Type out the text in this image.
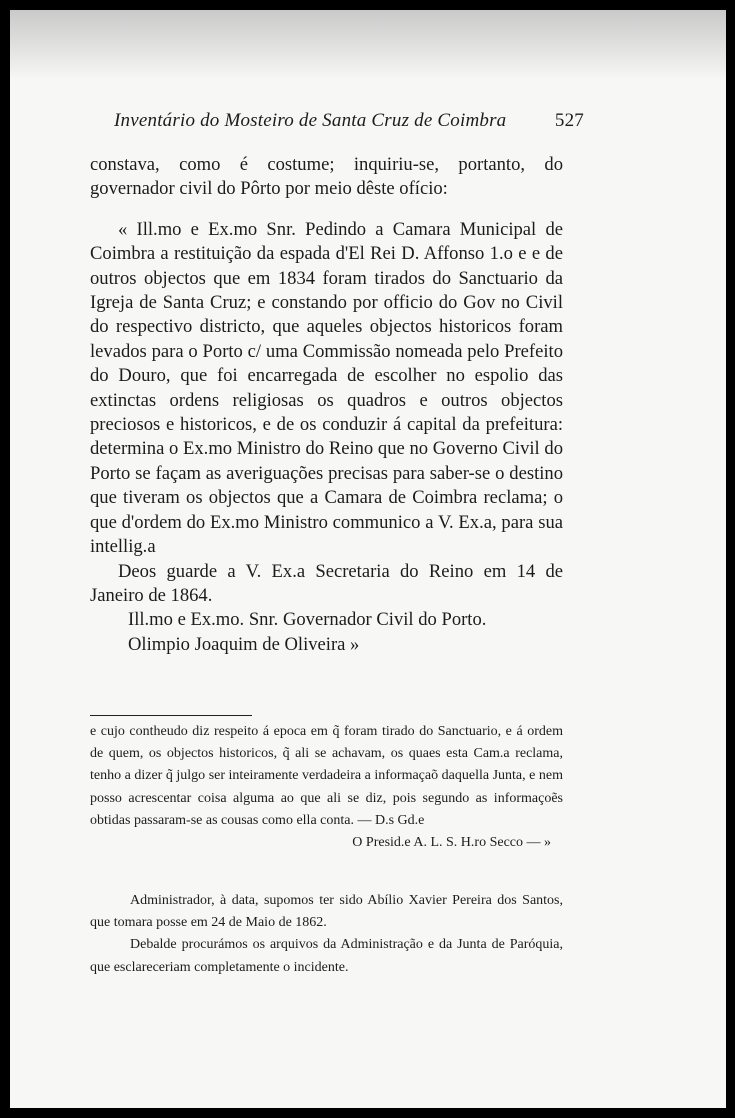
Inventário do Mosteiro de Santa Cruz de Coimbra	527

constava, como é costume; inquiriu-se, portanto, do governador civil do Pôrto por meio dêste ofício:

« Ill.mo e Ex.mo Snr. Pedindo a Camara Municipal de Coimbra a restituição da espada d'El Rei D. Affonso 1.o e e de outros objectos que em 1834 foram tirados do Sanctuario da Igreja de Santa Cruz; e constando por officio do Gov no Civil do respectivo districto, que aqueles objectos historicos foram levados para o Porto c/ uma Commissão nomeada pelo Prefeito do Douro, que foi encarregada de escolher no espolio das extinctas ordens religiosas os quadros e outros objectos preciosos e historicos, e de os conduzir á capital da prefeitura: determina o Ex.mo Ministro do Reino que no Governo Civil do Porto se façam as averiguações precisas para saber-se o destino que tiveram os objectos que a Camara de Coimbra reclama; o que d'ordem do Ex.mo Ministro communico a V. Ex.a, para sua intellig.a

Deos guarde a V. Ex.a Secretaria do Reino em 14 de Janeiro de 1864.

Ill.mo e Ex.mo. Snr. Governador Civil do Porto.

Olimpio Joaquim de Oliveira »

e cujo contheudo diz respeito á epoca em q̃ foram tirado do Sanctuario, e á ordem de quem, os objectos historicos, q̃ ali se achavam, os quaes esta Cam.a reclama, tenho a dizer q̃ julgo ser inteiramente verdadeira a informaçaõ daquella Junta, e nem posso acrescentar coisa alguma ao que ali se diz, pois segundo as informaçoẽs obtidas passaram-se as cousas como ella conta. — D.s Gd.e

O Presid.e A. L. S. H.ro Secco — »

Administrador, à data, supomos ter sido Abílio Xavier Pereira dos Santos, que tomara posse em 24 de Maio de 1862.

Debalde procurámos os arquivos da Administração e da Junta de Paróquia, que esclareceriam completamente o incidente.
